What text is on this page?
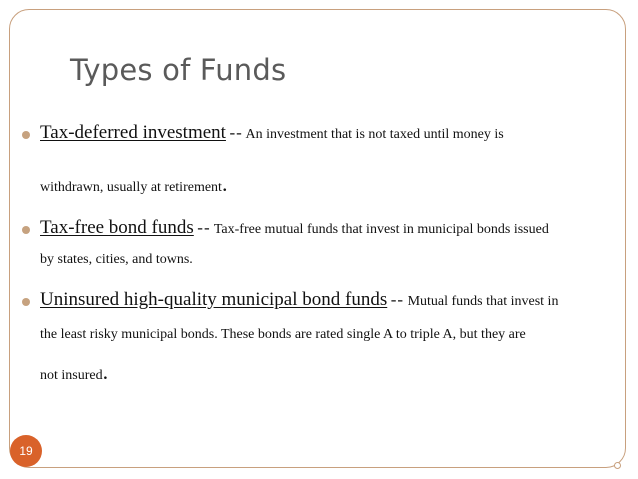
Types of Funds
Tax-deferred investment -- An investment that is not taxed until money is
withdrawn, usually at retirement.
Tax-free bond funds -- Tax-free mutual funds that invest in municipal bonds issued
by states, cities, and towns.
Uninsured high-quality municipal bond funds -- Mutual funds that invest in
the least risky municipal bonds. These bonds are rated single A to triple A, but they are
not insured.
19
